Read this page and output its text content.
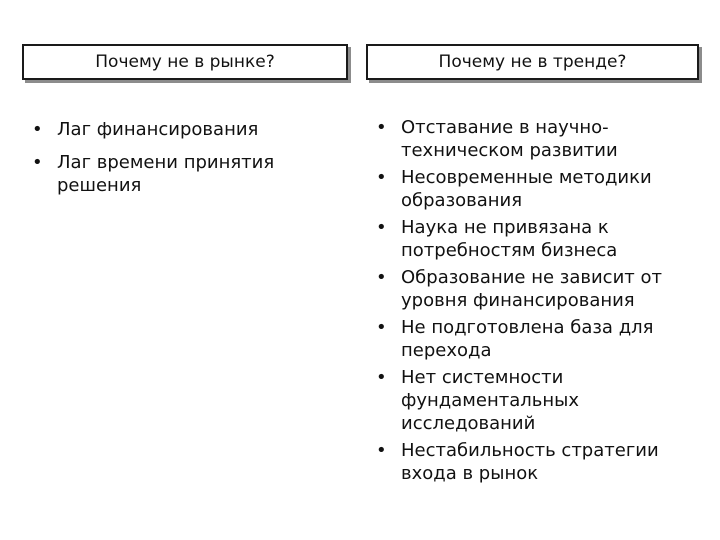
Почему не в рынке?	Почему не в тренде?
• Лаг финансирования
• Лаг времени принятия решения
• Отставание в научно-техническом развитии
• Несовременные методики образования
• Наука не привязана к потребностям бизнеса
• Образование не зависит от уровня финансирования
• Не подготовлена база для перехода
• Нет системности фундаментальных исследований
• Нестабильность стратегии входа в рынок
